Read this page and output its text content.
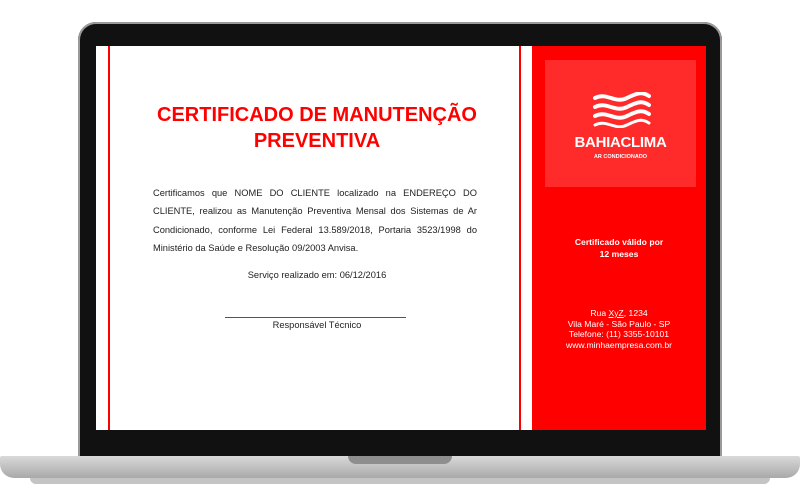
CERTIFICADO DE MANUTENÇÃO
PREVENTIVA
Certificamos que NOME DO CLIENTE localizado na ENDEREÇO DO CLIENTE, realizou as Manutenção Preventiva Mensal dos Sistemas de Ar Condicionado, conforme Lei Federal 13.589/2018, Portaria 3523/1998 do Ministério da Saúde e Resolução 09/2003 Anvisa.
Serviço realizado em: 06/12/2016
Responsável Técnico
BAHIACLIMA
AR CONDICIONADO
Certificado válido por
12 meses
Rua XyZ, 1234
Vila Maré - São Paulo - SP
Telefone: (11) 3355-10101
www.minhaempresa.com.br
